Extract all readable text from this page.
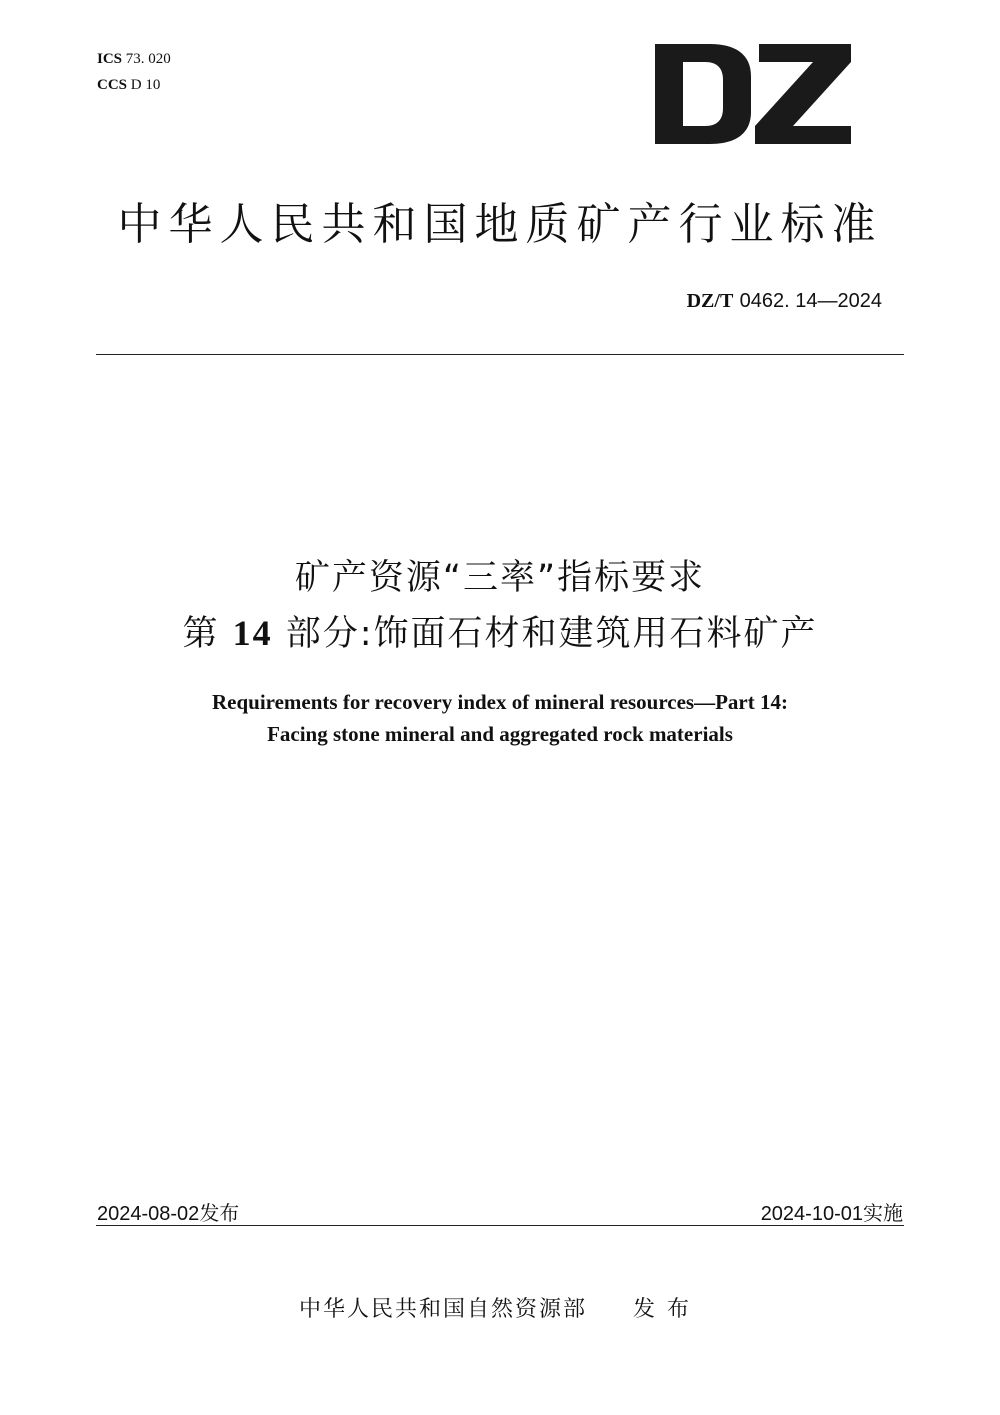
ICS 73. 020
CCS D 10
中华人民共和国地质矿产行业标准
DZ/T 0462. 14—2024
矿产资源“三率”指标要求
第 14 部分:饰面石材和建筑用石料矿产
Requirements for recovery index of mineral resources—Part 14:
Facing stone mineral and aggregated rock materials
2024-08-02发布	2024-10-01实施
中华人民共和国自然资源部 发布
